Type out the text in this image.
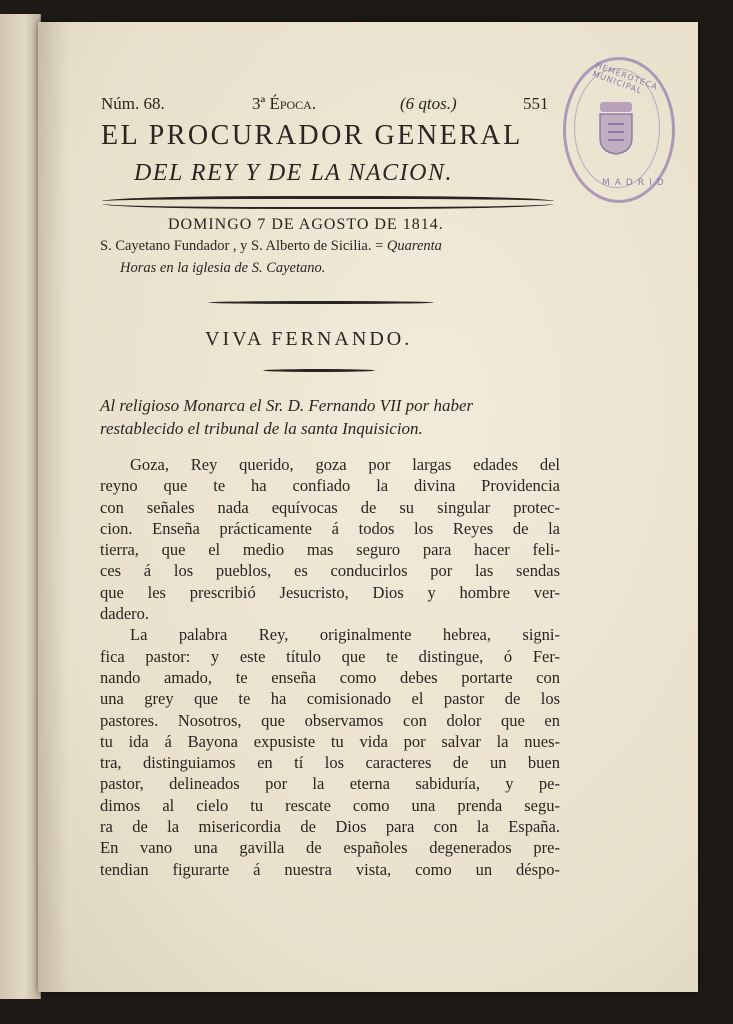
Núm. 68.	3ª Época.	(6 qtos.)	551
EL PROCURADOR GENERAL
DEL REY Y DE LA NACION.
DOMINGO 7 DE AGOSTO DE 1814.
S. Cayetano Fundador , y S. Alberto de Sicilia. = Quarenta
Horas en la iglesia de S. Cayetano.
VIVA FERNANDO.
Al religioso Monarca el Sr. D. Fernando VII por haber restablecido el tribunal de la santa Inquisicion.
Goza, Rey querido, goza por largas edades del
reyno que te ha confiado la divina Providencia
con señales nada equívocas de su singular protec-
cion. Enseña prácticamente á todos los Reyes de la
tierra, que el medio mas seguro para hacer feli-
ces á los pueblos, es conducirlos por las sendas
que les prescribió Jesucristo, Dios y hombre ver-
dadero.
La palabra Rey, originalmente hebrea, signi-
fica pastor: y este título que te distingue, ó Fer-
nando amado, te enseña como debes portarte con
una grey que te ha comisionado el pastor de los
pastores. Nosotros, que observamos con dolor que en
tu ida á Bayona expusiste tu vida por salvar la nues-
tra, distinguiamos en tí los caracteres de un buen
pastor, delineados por la eterna sabiduría, y pe-
dimos al cielo tu rescate como una prenda segu-
ra de la misericordia de Dios para con la España.
En vano una gavilla de españoles degenerados pre-
tendian figurarte á nuestra vista, como un déspo-
HEMEROTECA MUNICIPAL
MADRID
